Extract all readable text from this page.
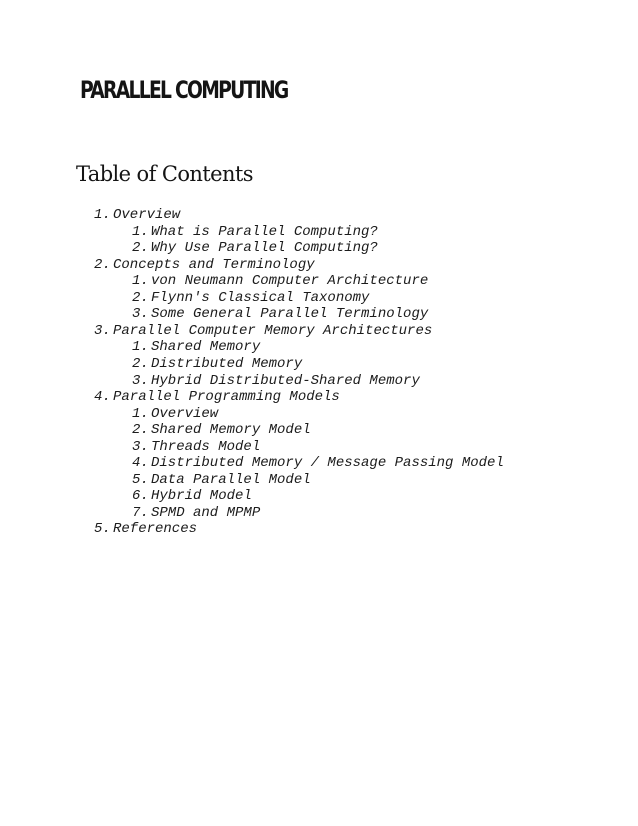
PARALLEL COMPUTING
Table of Contents
1. Overview
1. What is Parallel Computing?
2. Why Use Parallel Computing?
2. Concepts and Terminology
1. von Neumann Computer Architecture
2. Flynn's Classical Taxonomy
3. Some General Parallel Terminology
3. Parallel Computer Memory Architectures
1. Shared Memory
2. Distributed Memory
3. Hybrid Distributed-Shared Memory
4. Parallel Programming Models
1. Overview
2. Shared Memory Model
3. Threads Model
4. Distributed Memory / Message Passing Model
5. Data Parallel Model
6. Hybrid Model
7. SPMD and MPMP
5. References
